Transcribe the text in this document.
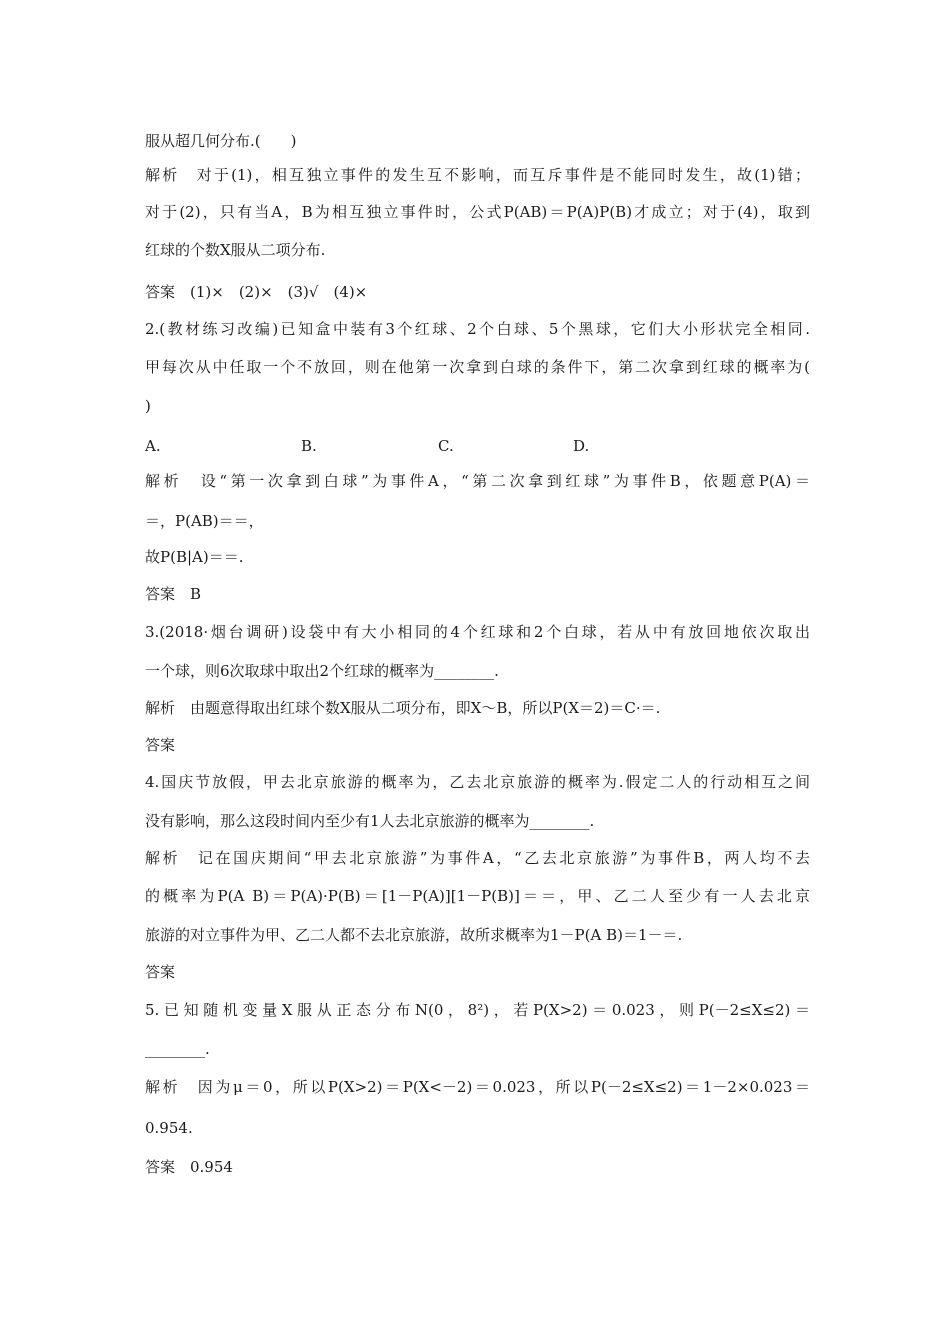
服从超几何分布.(　　)
解析　对于(1)，相互独立事件的发生互不影响，而互斥事件是不能同时发生，故(1)错；
对于(2)，只有当A，B为相互独立事件时，公式P(AB)＝P(A)P(B)才成立；对于(4)，取到
红球的个数X服从二项分布.
答案　(1)×　(2)×　(3)√　(4)×
2.(教材练习改编)已知盒中装有3个红球、2个白球、5个黑球，它们大小形状完全相同.
甲每次从中任取一个不放回，则在他第一次拿到白球的条件下，第二次拿到红球的概率为(
)
解析　设“第一次拿到白球”为事件A，“第二次拿到红球”为事件B，依题意P(A)＝
＝，P(AB)＝＝，
故P(B|A)＝＝.
答案　B
3.(2018·烟台调研)设袋中有大小相同的4个红球和2个白球，若从中有放回地依次取出
一个球，则6次取球中取出2个红球的概率为________.
解析　由题意得取出红球个数X服从二项分布，即X～B，所以P(X＝2)＝C·＝.
答案
4.国庆节放假，甲去北京旅游的概率为，乙去北京旅游的概率为.假定二人的行动相互之间
没有影响，那么这段时间内至少有1人去北京旅游的概率为________.
解析　记在国庆期间“甲去北京旅游”为事件A，“乙去北京旅游”为事件B，两人均不去
的概率为P(A B)＝P(A)·P(B)＝[1－P(A)][1－P(B)]＝＝，甲、乙二人至少有一人去北京
旅游的对立事件为甲、乙二人都不去北京旅游，故所求概率为1－P(A B)＝1－＝.
答案
5.已知随机变量X服从正态分布N(0，8²)，若P(X>2)＝0.023，则P(－2≤X≤2)＝
________.
解析　因为μ＝0，所以P(X>2)＝P(X<－2)＝0.023，所以P(－2≤X≤2)＝1－2×0.023＝
0.954.
答案　0.954
A.	B.	C.	D.
